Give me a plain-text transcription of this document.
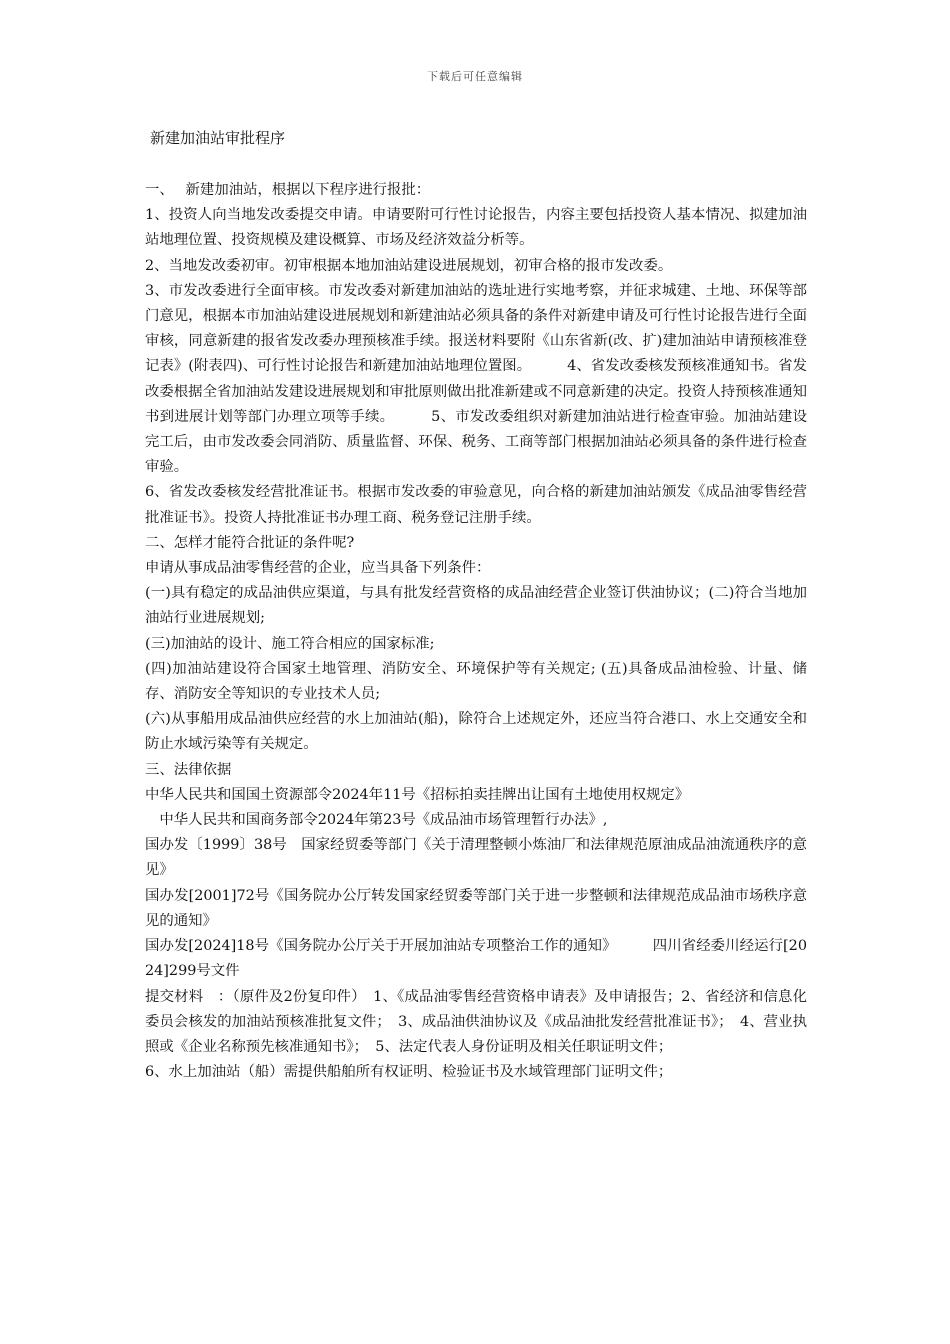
下载后可任意编辑
新建加油站审批程序

一、　 新建加油站，根据以下程序进行报批：

1、投资人向当地发改委提交申请。申请要附可行性讨论报告，内容主要包括投资人基本情况、拟建加油站地理位置、投资规模及建设概算、市场及经济效益分析等。

2、当地发改委初审。初审根据本地加油站建设进展规划，初审合格的报市发改委。

3、市发改委进行全面审核。市发改委对新建加油站的选址进行实地考察，并征求城建、土地、环保等部门意见，根据本市加油站建设进展规划和新建油站必须具备的条件对新建申请及可行性讨论报告进行全面审核，同意新建的报省发改委办理预核准手续。报送材料要附《山东省新(改、扩)建加油站申请预核准登记表》(附表四)、可行性讨论报告和新建加油站地理位置图。　　　4、省发改委核发预核准通知书。省发改委根据全省加油站发建设进展规划和审批原则做出批准新建或不同意新建的决定。投资人持预核准通知书到进展计划等部门办理立项等手续。　　　5、市发改委组织对新建加油站进行检查审验。加油站建设完工后，由市发改委会同消防、质量监督、环保、税务、工商等部门根据加油站必须具备的条件进行检查审验。

6、省发改委核发经营批准证书。根据市发改委的审验意见，向合格的新建加油站颁发《成品油零售经营批准证书》。投资人持批准证书办理工商、税务登记注册手续。

二、怎样才能符合批证的条件呢?

申请从事成品油零售经营的企业，应当具备下列条件：

(一)具有稳定的成品油供应渠道，与具有批发经营资格的成品油经营企业签订供油协议；(二)符合当地加油站行业进展规划;

(三)加油站的设计、施工符合相应的国家标准;

(四)加油站建设符合国家土地管理、消防安全、环境保护等有关规定; (五)具备成品油检验、计量、储存、消防安全等知识的专业技术人员;

(六)从事船用成品油供应经营的水上加油站(船)，除符合上述规定外，还应当符合港口、水上交通安全和防止水域污染等有关规定。

三、法律依据

中华人民共和国国土资源部令2024年11号《招标拍卖挂牌出让国有土地使用权规定》

　中华人民共和国商务部令2024年第23号《成品油市场管理暂行办法》,

国办发〔1999〕38号　国家经贸委等部门《关于清理整顿小炼油厂和法律规范原油成品油流通秩序的意见》

国办发[2001]72号《国务院办公厅转发国家经贸委等部门关于进一步整顿和法律规范成品油市场秩序意见的通知》

国办发[2024]18号《国务院办公厅关于开展加油站专项整治工作的通知》　　　四川省经委川经运行[2024]299号文件

提交材料　：（原件及2份复印件）　1、《成品油零售经营资格申请表》及申请报告；2、省经济和信息化委员会核发的加油站预核准批复文件；　3、成品油供油协议及《成品油批发经营批准证书》；　4、营业执照或《企业名称预先核准通知书》；　5、法定代表人身份证明及相关任职证明文件；

6、水上加油站（船）需提供船舶所有权证明、检验证书及水域管理部门证明文件；
